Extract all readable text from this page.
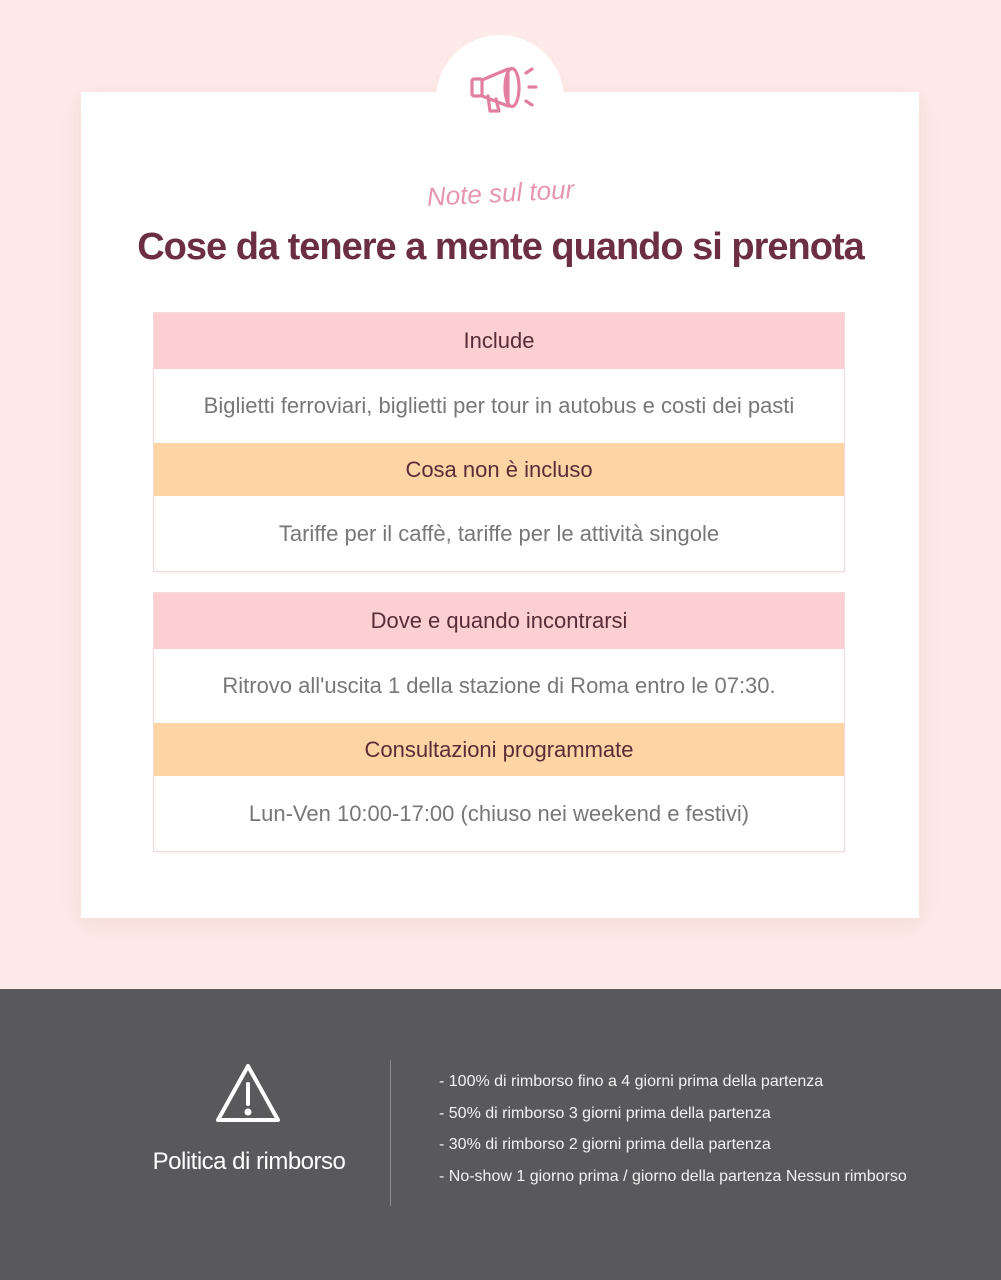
Note sul tour
Cose da tenere a mente quando si prenota
Include
Biglietti ferroviari, biglietti per tour in autobus e costi dei pasti
Cosa non è incluso
Tariffe per il caffè, tariffe per le attività singole
Dove e quando incontrarsi
Ritrovo all'uscita 1 della stazione di Roma entro le 07:30.
Consultazioni programmate
Lun-Ven 10:00-17:00 (chiuso nei weekend e festivi)
Politica di rimborso
- 100% di rimborso fino a 4 giorni prima della partenza
- 50% di rimborso 3 giorni prima della partenza
- 30% di rimborso 2 giorni prima della partenza
- No-show 1 giorno prima / giorno della partenza Nessun rimborso
